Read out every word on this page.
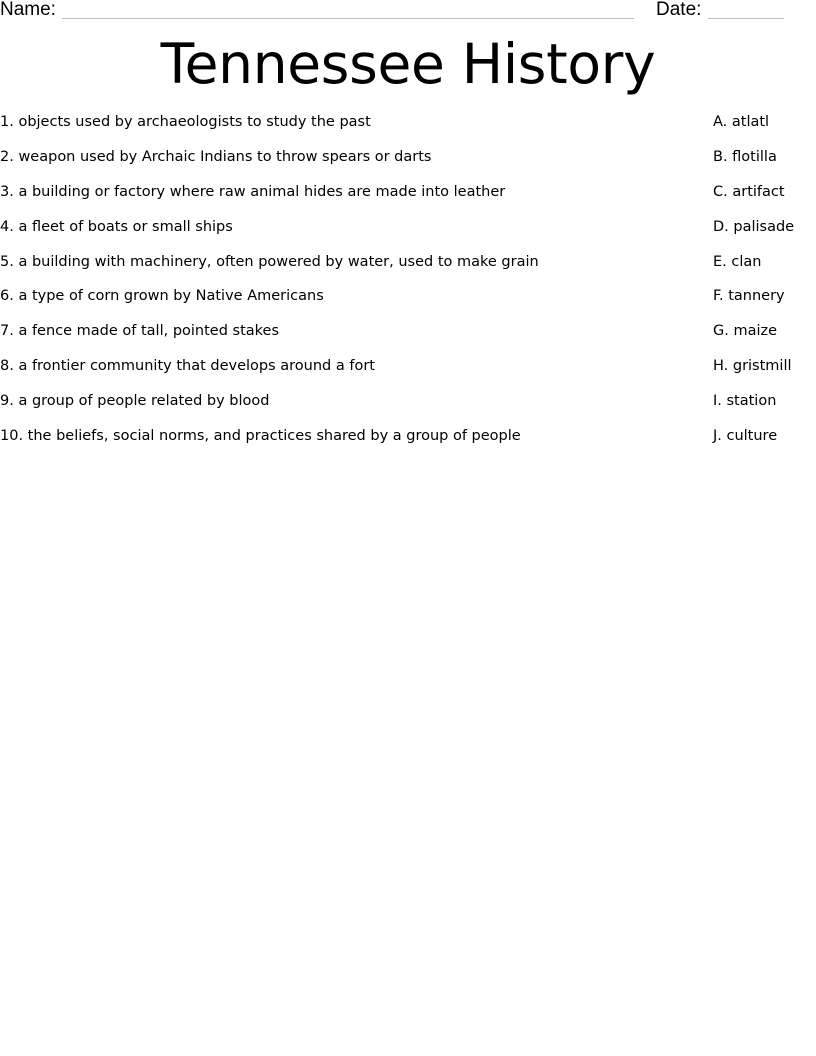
Name:	Date:
Tennessee History
1. objects used by archaeologists to study the past	A. atlatl
2. weapon used by Archaic Indians to throw spears or darts	B. flotilla
3. a building or factory where raw animal hides are made into leather	C. artifact
4. a fleet of boats or small ships	D. palisade
5. a building with machinery, often powered by water, used to make grain	E. clan
6. a type of corn grown by Native Americans	F. tannery
7. a fence made of tall, pointed stakes	G. maize
8. a frontier community that develops around a fort	H. gristmill
9. a group of people related by blood	I. station
10. the beliefs, social norms, and practices shared by a group of people	J. culture
